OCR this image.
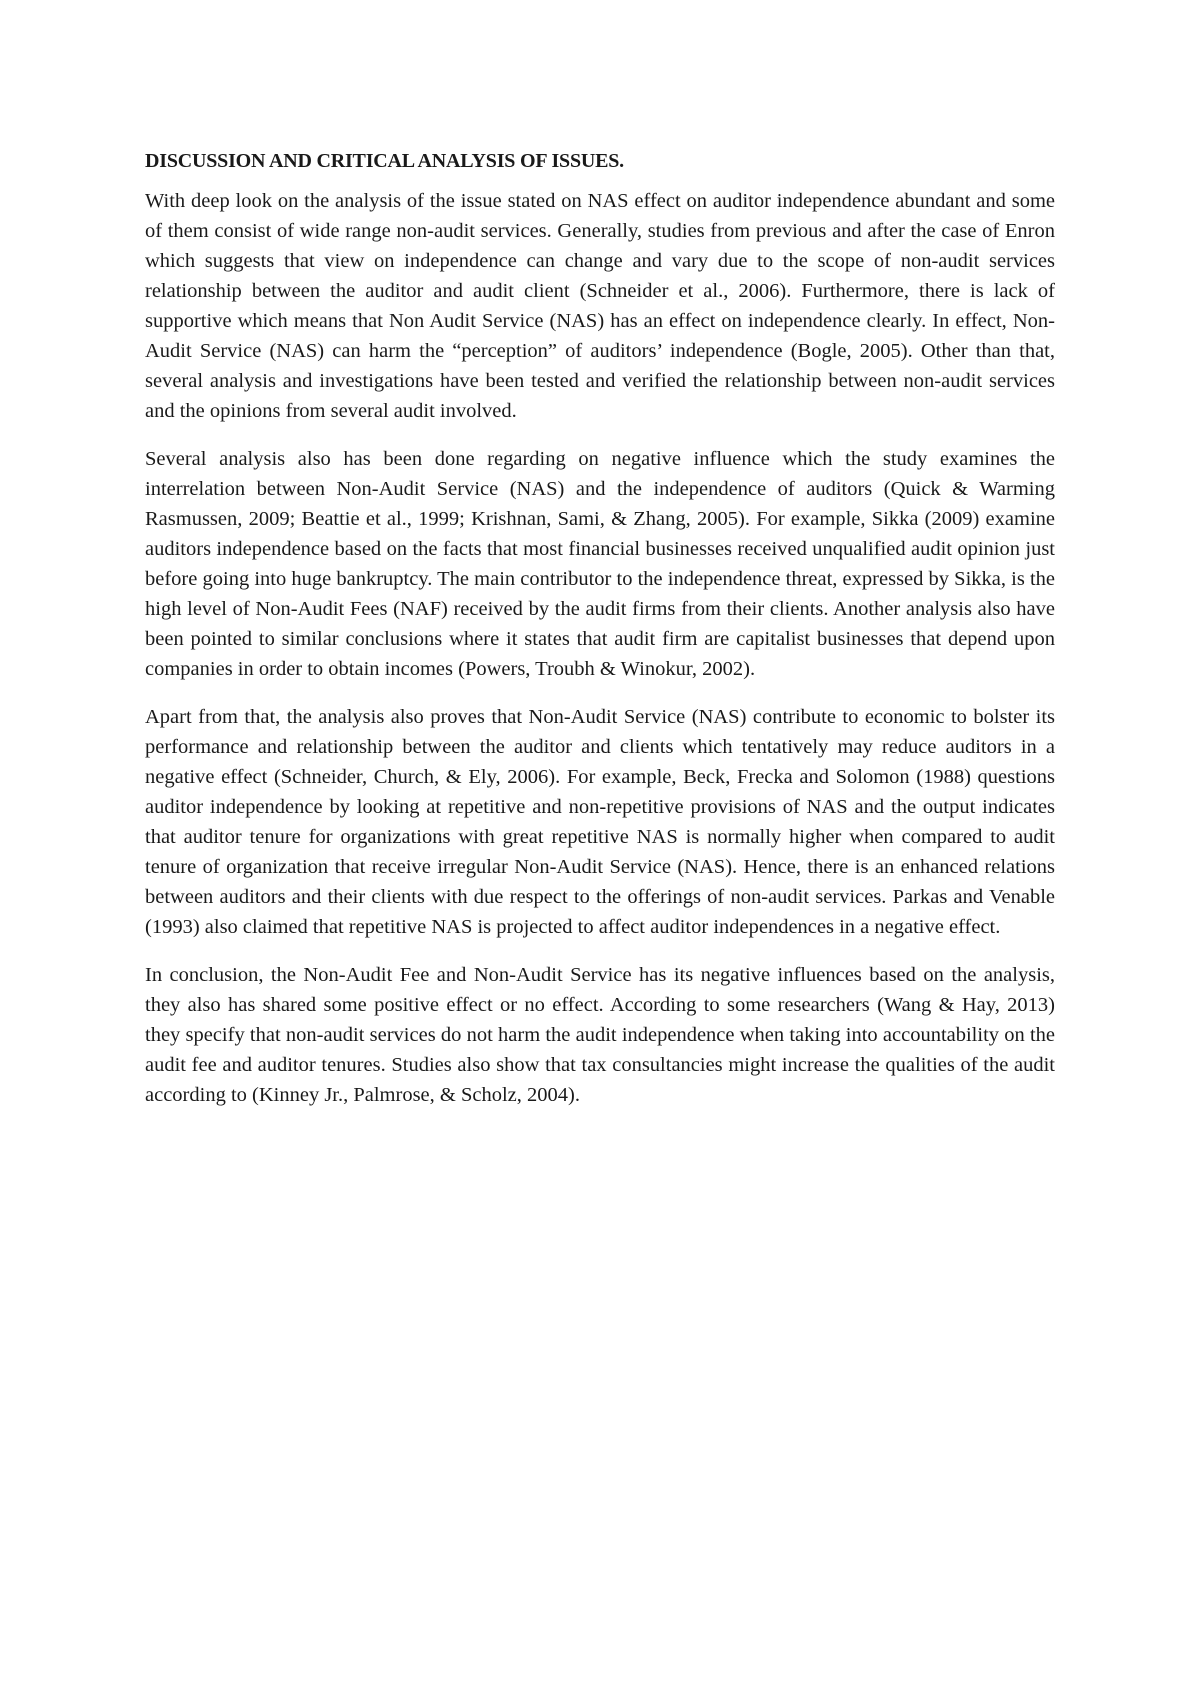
DISCUSSION AND CRITICAL ANALYSIS OF ISSUES.

With deep look on the analysis of the issue stated on NAS effect on auditor independence abundant and some of them consist of wide range non-audit services. Generally, studies from previous and after the case of Enron which suggests that view on independence can change and vary due to the scope of non-audit services relationship between the auditor and audit client (Schneider et al., 2006). Furthermore, there is lack of supportive which means that Non Audit Service (NAS) has an effect on independence clearly. In effect, Non-Audit Service (NAS) can harm the “perception” of auditors’ independence (Bogle, 2005). Other than that, several analysis and investigations have been tested and verified the relationship between non-audit services and the opinions from several audit involved.

Several analysis also has been done regarding on negative influence which the study examines the interrelation between Non-Audit Service (NAS) and the independence of auditors (Quick & Warming Rasmussen, 2009; Beattie et al., 1999; Krishnan, Sami, & Zhang, 2005). For example, Sikka (2009) examine auditors independence based on the facts that most financial businesses received unqualified audit opinion just before going into huge bankruptcy. The main contributor to the independence threat, expressed by Sikka, is the high level of Non-Audit Fees (NAF) received by the audit firms from their clients. Another analysis also have been pointed to similar conclusions where it states that audit firm are capitalist businesses that depend upon companies in order to obtain incomes (Powers, Troubh & Winokur, 2002).

Apart from that, the analysis also proves that Non-Audit Service (NAS) contribute to economic to bolster its performance and relationship between the auditor and clients which tentatively may reduce auditors in a negative effect (Schneider, Church, & Ely, 2006). For example, Beck, Frecka and Solomon (1988) questions auditor independence by looking at repetitive and non-repetitive provisions of NAS and the output indicates that auditor tenure for organizations with great repetitive NAS is normally higher when compared to audit tenure of organization that receive irregular Non-Audit Service (NAS). Hence, there is an enhanced relations between auditors and their clients with due respect to the offerings of non-audit services. Parkas and Venable (1993) also claimed that repetitive NAS is projected to affect auditor independences in a negative effect.

In conclusion, the Non-Audit Fee and Non-Audit Service has its negative influences based on the analysis, they also has shared some positive effect or no effect. According to some researchers (Wang & Hay, 2013) they specify that non-audit services do not harm the audit independence when taking into accountability on the audit fee and auditor tenures. Studies also show that tax consultancies might increase the qualities of the audit according to (Kinney Jr., Palmrose, & Scholz, 2004).
